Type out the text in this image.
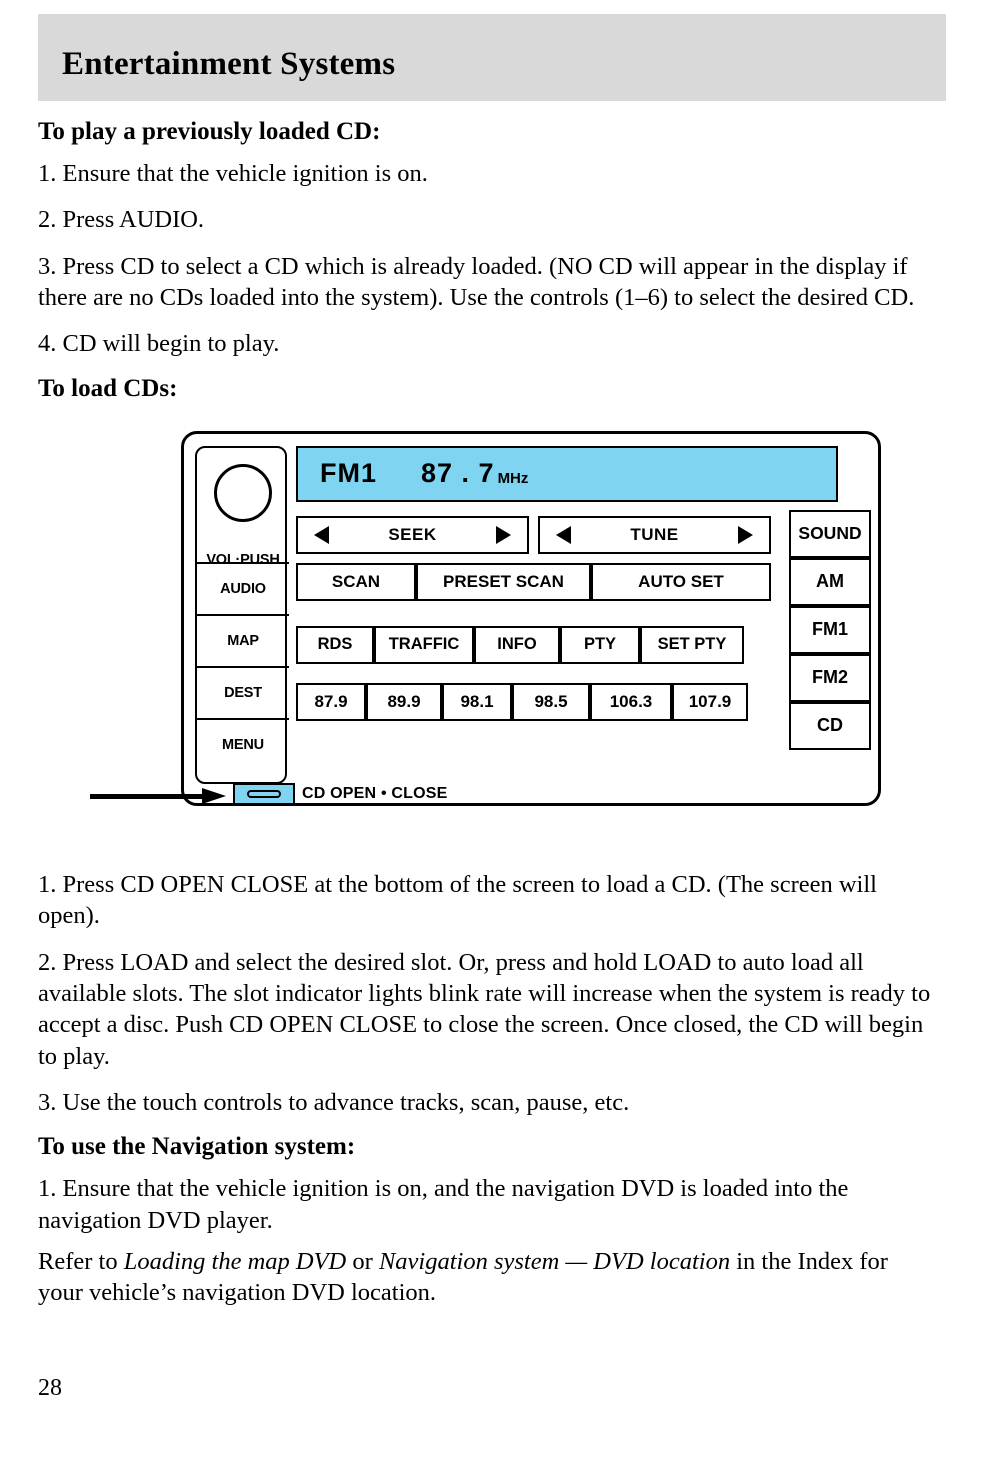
Entertainment Systems
To play a previously loaded CD:

1. Ensure that the vehicle ignition is on.

2. Press AUDIO.

3. Press CD to select a CD which is already loaded. (NO CD will appear in the display if there are no CDs loaded into the system). Use the controls (1–6) to select the desired CD.

4. CD will begin to play.

To load CDs:
VOL·PUSH
AUDIO
MAP
DEST
MENU
FM1 87 . 7 MHz
SEEK	TUNE
SCAN	PRESET SCAN	AUTO SET
RDS	TRAFFIC	INFO	PTY	SET PTY
87.9	89.9	98.1	98.5	106.3	107.9
SOUND
AM
FM1
FM2
CD
CD OPEN • CLOSE

1. Press CD OPEN CLOSE at the bottom of the screen to load a CD. (The screen will open).

2. Press LOAD and select the desired slot. Or, press and hold LOAD to auto load all available slots. The slot indicator lights blink rate will increase when the system is ready to accept a disc. Push CD OPEN CLOSE to close the screen. Once closed, the CD will begin to play.

3. Use the touch controls to advance tracks, scan, pause, etc.

To use the Navigation system:

1. Ensure that the vehicle ignition is on, and the navigation DVD is loaded into the navigation DVD player.

Refer to Loading the map DVD or Navigation system — DVD location in the Index for your vehicle’s navigation DVD location.

28
